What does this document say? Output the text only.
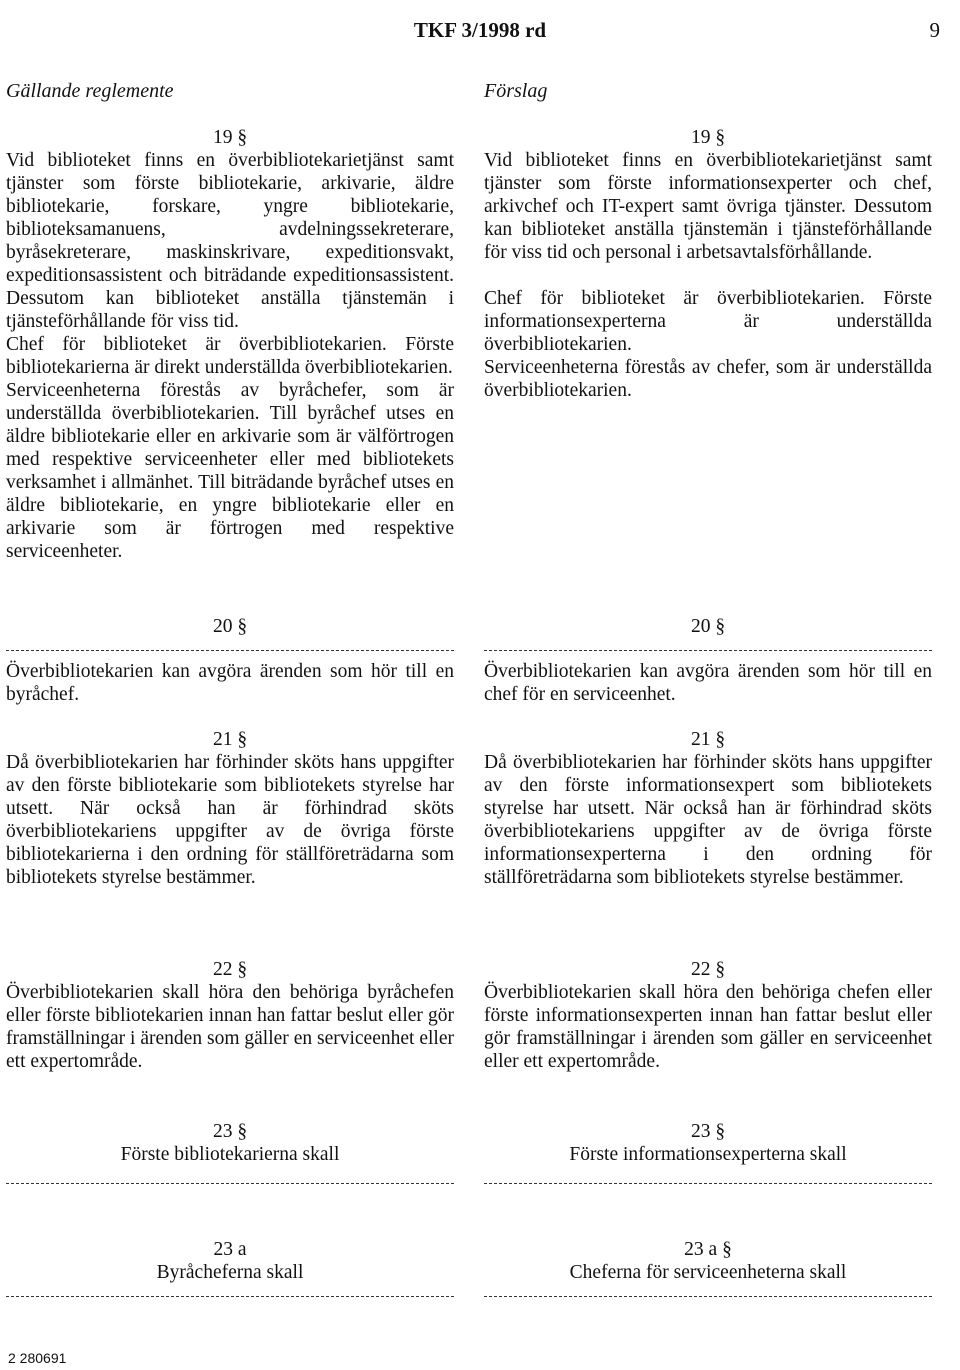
TKF 3/1998 rd	9
Gällande reglemente
19 §

Vid biblioteket finns en överbibliotekarietjänst samt tjänster som förste bibliotekarie, arkivarie, äldre bibliotekarie, forskare, yngre bibliotekarie, biblioteksamanuens, avdelningssekreterare, byråsekreterare, maskinskrivare, expeditionsvakt, expeditionsassistent och biträdande expeditionsassistent. Dessutom kan biblioteket anställa tjänstemän i tjänsteförhållande för viss tid.

Chef för biblioteket är överbibliotekarien. Förste bibliotekarierna är direkt underställda överbibliotekarien.

Serviceenheterna förestås av byråchefer, som är underställda överbibliotekarien. Till byråchef utses en äldre bibliotekarie eller en arkivarie som är välförtrogen med respektive serviceenheter eller med bibliotekets verksamhet i allmänhet. Till biträdande byråchef utses en äldre bibliotekarie, en yngre bibliotekarie eller en arkivarie som är förtrogen med respektive serviceenheter.

20 §

Överbibliotekarien kan avgöra ärenden som hör till en byråchef.

21 §

Då överbibliotekarien har förhinder sköts hans uppgifter av den förste bibliotekarie som bibliotekets styrelse har utsett. När också han är förhindrad sköts överbibliotekariens uppgifter av de övriga förste bibliotekarierna i den ordning för ställföreträdarna som bibliotekets styrelse bestämmer.

22 §

Överbibliotekarien skall höra den behöriga byråchefen eller förste bibliotekarien innan han fattar beslut eller gör framställningar i ärenden som gäller en serviceenhet eller ett expertområde.

23 §
Förste bibliotekarierna skall
23 a
Byråcheferna skall
Förslag
19 §

Vid biblioteket finns en överbibliotekarietjänst samt tjänster som förste informationsexperter och chef, arkivchef och IT-expert samt övriga tjänster. Dessutom kan biblioteket anställa tjänstemän i tjänsteförhållande för viss tid och personal i arbetsavtalsförhållande.

Chef för biblioteket är överbibliotekarien. Förste informationsexperterna är underställda överbibliotekarien.

Serviceenheterna förestås av chefer, som är underställda överbibliotekarien.

20 §

Överbibliotekarien kan avgöra ärenden som hör till en chef för en serviceenhet.

21 §

Då överbibliotekarien har förhinder sköts hans uppgifter av den förste informationsexpert som bibliotekets styrelse har utsett. När också han är förhindrad sköts överbibliotekariens uppgifter av de övriga förste informationsexperterna i den ordning för ställföreträdarna som bibliotekets styrelse bestämmer.

22 §

Överbibliotekarien skall höra den behöriga chefen eller förste informationsexperten innan han fattar beslut eller gör framställningar i ärenden som gäller en serviceenhet eller ett expertområde.

23 §
Förste informationsexperterna skall
23 a §
Cheferna för serviceenheterna skall
2 280691
